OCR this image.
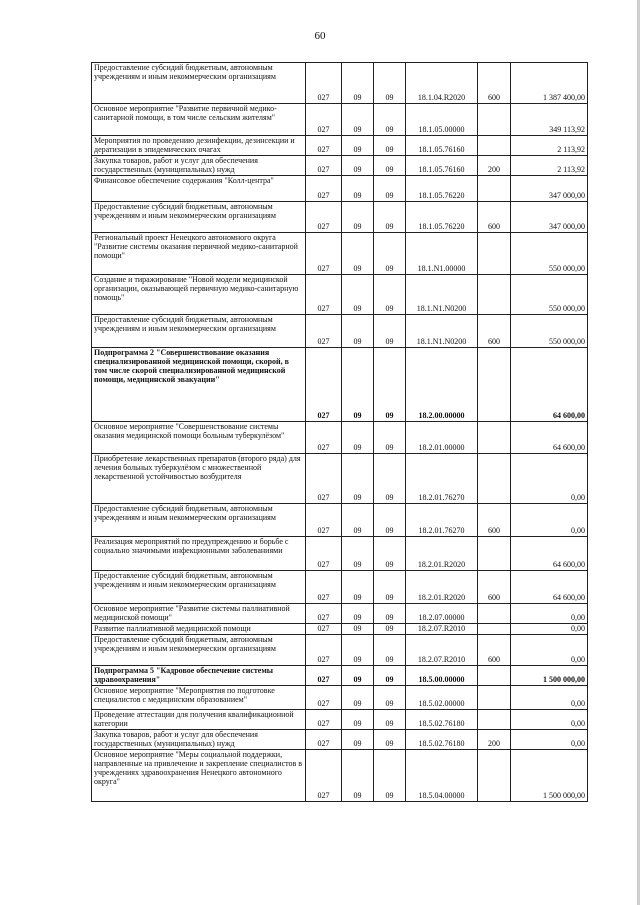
60
Предоставление субсидий бюджетным, автономным учреждениям и иным некоммерческим организациям	027	09	09	18.1.04.R2020	600	1 387 400,00
Основное мероприятие "Развитие первичной медико-санитарной помощи, в том числе сельским жителям"	027	09	09	18.1.05.00000		349 113,92
Мероприятия по проведению дезинфекции, дезинсекции и дератизации в эпидемических очагах	027	09	09	18.1.05.76160		2 113,92
Закупка товаров, работ и услуг для обеспечения государственных (муниципальных) нужд	027	09	09	18.1.05.76160	200	2 113,92
Финансовое обеспечение содержания "Колл-центра"	027	09	09	18.1.05.76220		347 000,00
Предоставление субсидий бюджетным, автономным учреждениям и иным некоммерческим организациям	027	09	09	18.1.05.76220	600	347 000,00
Региональный проект Ненецкого автономного округа "Развитие системы оказания первичной медико-санитарной помощи"	027	09	09	18.1.N1.00000		550 000,00
Создание и тиражирование "Новой модели медицинской организации, оказывающей первичную медико-санитарную помощь"	027	09	09	18.1.N1.N0200		550 000,00
Предоставление субсидий бюджетным, автономным учреждениям и иным некоммерческим организациям	027	09	09	18.1.N1.N0200	600	550 000,00
Подпрограмма 2 "Совершенствование оказания специализированной медицинской помощи, скорой, в том числе скорой специализированной медицинской помощи, медицинской эвакуации"	027	09	09	18.2.00.00000		64 600,00
Основное мероприятие "Совершенствование системы оказания медицинской помощи больным туберкулёзом"	027	09	09	18.2.01.00000		64 600,00
Приобретение лекарственных препаратов (второго ряда) для лечения больных туберкулёзом с множественной лекарственной устойчивостью возбудителя	027	09	09	18.2.01.76270		0,00
Предоставление субсидий бюджетным, автономным учреждениям и иным некоммерческим организациям	027	09	09	18.2.01.76270	600	0,00
Реализация мероприятий по предупреждению и борьбе с социально значимыми инфекционными заболеваниями	027	09	09	18.2.01.R2020		64 600,00
Предоставление субсидий бюджетным, автономным учреждениям и иным некоммерческим организациям	027	09	09	18.2.01.R2020	600	64 600,00
Основное мероприятие "Развитие системы паллиативной медицинской помощи"	027	09	09	18.2.07.00000		0,00
Развитие паллиативной медицинской помощи	027	09	09	18.2.07.R2010		0,00
Предоставление субсидий бюджетным, автономным учреждениям и иным некоммерческим организациям	027	09	09	18.2.07.R2010	600	0,00
Подпрограмма 5 "Кадровое обеспечение системы здравоохранения"	027	09	09	18.5.00.00000		1 500 000,00
Основное мероприятие "Мероприятия по подготовке специалистов с медицинским образованием"	027	09	09	18.5.02.00000		0,00
Проведение аттестации для получения квалификационной категории	027	09	09	18.5.02.76180		0,00
Закупка товаров, работ и услуг для обеспечения государственных (муниципальных) нужд	027	09	09	18.5.02.76180	200	0,00
Основное мероприятие "Меры социальной поддержки, направленные на привлечение и закрепление специалистов в учреждениях здравоохранения Ненецкого автономного округа"	027	09	09	18.5.04.00000		1 500 000,00
